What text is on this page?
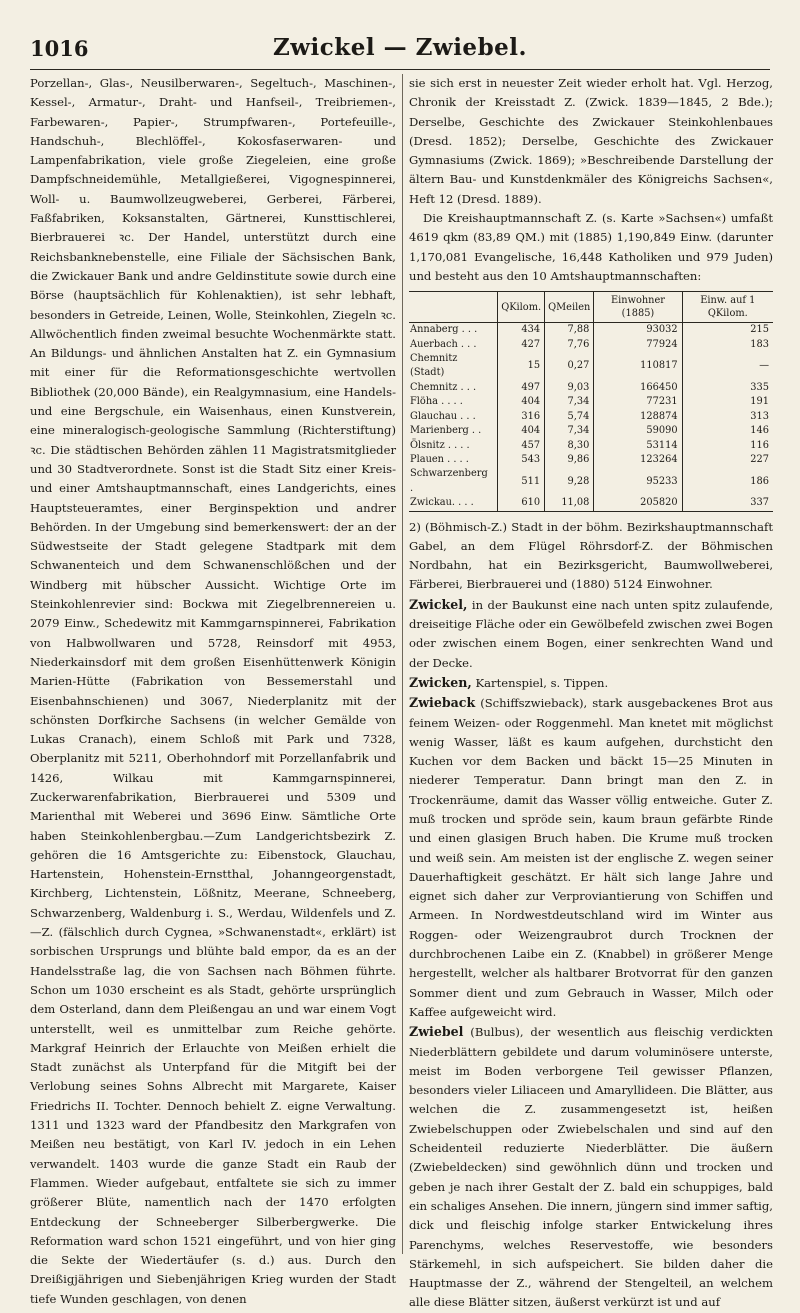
1016	Zwickel — Zwiebel.

Porzellan-, Glas-, Neusilberwaren-, Segeltuch-, Maschinen-, Kessel-, Armatur-, Draht- und Hanfseil-, Treibriemen-, Farbewaren-, Papier-, Strumpfwaren-, Portefeuille-, Handschuh-, Blechlöffel-, Kokosfaserwaren- und Lampenfabrikation, viele große Ziegeleien, eine große Dampfschneidemühle, Metallgießerei, Vigognespinnerei, Woll- u. Baumwollzeugweberei, Gerberei, Färberei, Faßfabriken, Koksanstalten, Gärtnerei, Kunsttischlerei, Bierbrauerei ꝛc. Der Handel, unterstützt durch eine Reichsbanknebenstelle, eine Filiale der Sächsischen Bank, die Zwickauer Bank und andre Geldinstitute sowie durch eine Börse (hauptsächlich für Kohlenaktien), ist sehr lebhaft, besonders in Getreide, Leinen, Wolle, Steinkohlen, Ziegeln ꝛc. Allwöchentlich finden zweimal besuchte Wochenmärkte statt. An Bildungs- und ähnlichen Anstalten hat Z. ein Gymnasium mit einer für die Reformationsgeschichte wertvollen Bibliothek (20,000 Bände), ein Realgymnasium, eine Handels- und eine Bergschule, ein Waisenhaus, einen Kunstverein, eine mineralogisch-geologische Sammlung (Richterstiftung) ꝛc. Die städtischen Behörden zählen 11 Magistratsmitglieder und 30 Stadtverordnete. Sonst ist die Stadt Sitz einer Kreis- und einer Amtshauptmannschaft, eines Landgerichts, eines Hauptsteueramtes, einer Berginspektion und andrer Behörden. In der Umgebung sind bemerkenswert: der an der Südwestseite der Stadt gelegene Stadtpark mit dem Schwanenteich und dem Schwanenschlößchen und der Windberg mit hübscher Aussicht. Wichtige Orte im Steinkohlenrevier sind: Bockwa mit Ziegelbrennereien u. 2079 Einw., Schedewitz mit Kammgarnspinnerei, Fabrikation von Halbwollwaren und 5728, Reinsdorf mit 4953, Niederkainsdorf mit dem großen Eisenhüttenwerk Königin Marien-Hütte (Fabrikation von Bessemerstahl und Eisenbahnschienen) und 3067, Niederplanitz mit der schönsten Dorfkirche Sachsens (in welcher Gemälde von Lukas Cranach), einem Schloß mit Park und 7328, Oberplanitz mit 5211, Oberhohndorf mit Porzellanfabrik und 1426, Wilkau mit Kammgarnspinnerei, Zuckerwarenfabrikation, Bierbrauerei und 5309 und Marienthal mit Weberei und 3696 Einw. Sämtliche Orte haben Steinkohlenbergbau.—Zum Landgerichtsbezirk Z. gehören die 16 Amtsgerichte zu: Eibenstock, Glauchau, Hartenstein, Hohenstein-Ernstthal, Johanngeorgenstadt, Kirchberg, Lichtenstein, Lößnitz, Meerane, Schneeberg, Schwarzenberg, Waldenburg i. S., Werdau, Wildenfels und Z.—Z. (fälschlich durch Cygnea, »Schwanenstadt«, erklärt) ist sorbischen Ursprungs und blühte bald empor, da es an der Handelsstraße lag, die von Sachsen nach Böhmen führte. Schon um 1030 erscheint es als Stadt, gehörte ursprünglich dem Osterland, dann dem Pleißengau an und war einem Vogt unterstellt, weil es unmittelbar zum Reiche gehörte. Markgraf Heinrich der Erlauchte von Meißen erhielt die Stadt zunächst als Unterpfand für die Mitgift bei der Verlobung seines Sohns Albrecht mit Margarete, Kaiser Friedrichs II. Tochter. Dennoch behielt Z. eigne Verwaltung. 1311 und 1323 ward der Pfandbesitz den Markgrafen von Meißen neu bestätigt, von Karl IV. jedoch in ein Lehen verwandelt. 1403 wurde die ganze Stadt ein Raub der Flammen. Wieder aufgebaut, entfaltete sie sich zu immer größerer Blüte, namentlich nach der 1470 erfolgten Entdeckung der Schneeberger Silberbergwerke. Die Reformation ward schon 1521 eingeführt, und von hier ging die Sekte der Wiedertäufer (s. d.) aus. Durch den Dreißigjährigen und Siebenjährigen Krieg wurden der Stadt tiefe Wunden geschlagen, von denen

sie sich erst in neuester Zeit wieder erholt hat. Vgl. Herzog, Chronik der Kreisstadt Z. (Zwick. 1839—1845, 2 Bde.); Derselbe, Geschichte des Zwickauer Steinkohlenbaues (Dresd. 1852); Derselbe, Geschichte des Zwickauer Gymnasiums (Zwick. 1869); »Beschreibende Darstellung der ältern Bau- und Kunstdenkmäler des Königreichs Sachsen«, Heft 12 (Dresd. 1889).

Die Kreishauptmannschaft Z. (s. Karte »Sachsen«) umfaßt 4619 qkm (83,89 QM.) mit (1885) 1,190,849 Einw. (darunter 1,170,081 Evangelische, 16,448 Katholiken und 979 Juden) und besteht aus den 10 Amtshauptmannschaften:

	QKilom.	QMeilen	Einwohner (1885)	Einw. auf 1 QKilom.
Annaberg . . .	434	7,88	93032	215
Auerbach . . .	427	7,76	77924	183
Chemnitz (Stadt)	15	0,27	110817	—
Chemnitz . . .	497	9,03	166450	335
Flöha . . . .	404	7,34	77231	191
Glauchau . . .	316	5,74	128874	313
Marienberg . .	404	7,34	59090	146
Ölsnitz . . . .	457	8,30	53114	116
Plauen . . . .	543	9,86	123264	227
Schwarzenberg .	511	9,28	95233	186
Zwickau. . . .	610	11,08	205820	337

2) (Böhmisch-Z.) Stadt in der böhm. Bezirkshauptmannschaft Gabel, an dem Flügel Röhrsdorf-Z. der Böhmischen Nordbahn, hat ein Bezirksgericht, Baumwollweberei, Färberei, Bierbrauerei und (1880) 5124 Einwohner.

Zwickel, in der Baukunst eine nach unten spitz zulaufende, dreiseitige Fläche oder ein Gewölbefeld zwischen zwei Bogen oder zwischen einem Bogen, einer senkrechten Wand und der Decke.

Zwicken, Kartenspiel, s. Tippen.

Zwieback (Schiffszwieback), stark ausgebackenes Brot aus feinem Weizen- oder Roggenmehl. Man knetet mit möglichst wenig Wasser, läßt es kaum aufgehen, durchsticht den Kuchen vor dem Backen und bäckt 15—25 Minuten in niederer Temperatur. Dann bringt man den Z. in Trockenräume, damit das Wasser völlig entweiche. Guter Z. muß trocken und spröde sein, kaum braun gefärbte Rinde und einen glasigen Bruch haben. Die Krume muß trocken und weiß sein. Am meisten ist der englische Z. wegen seiner Dauerhaftigkeit geschätzt. Er hält sich lange Jahre und eignet sich daher zur Verproviantierung von Schiffen und Armeen. In Nordwestdeutschland wird im Winter aus Roggen- oder Weizengraubrot durch Trocknen der durchbrochenen Laibe ein Z. (Knabbel) in größerer Menge hergestellt, welcher als haltbarer Brotvorrat für den ganzen Sommer dient und zum Gebrauch in Wasser, Milch oder Kaffee aufgeweicht wird.

Zwiebel (Bulbus), der wesentlich aus fleischig verdickten Niederblättern gebildete und darum voluminösere unterste, meist im Boden verborgene Teil gewisser Pflanzen, besonders vieler Liliaceen und Amaryllideen. Die Blätter, aus welchen die Z. zusammengesetzt ist, heißen Zwiebelschuppen oder Zwiebelschalen und sind auf den Scheidenteil reduzierte Niederblätter. Die äußern (Zwiebeldecken) sind gewöhnlich dünn und trocken und geben je nach ihrer Gestalt der Z. bald ein schuppiges, bald ein schaliges Ansehen. Die innern, jüngern sind immer saftig, dick und fleischig infolge starker Entwickelung ihres Parenchyms, welches Reservestoffe, wie besonders Stärkemehl, in sich aufspeichert. Sie bilden daher die Hauptmasse der Z., während der Stengelteil, an welchem alle diese Blätter sitzen, äußerst verkürzt ist und auf
